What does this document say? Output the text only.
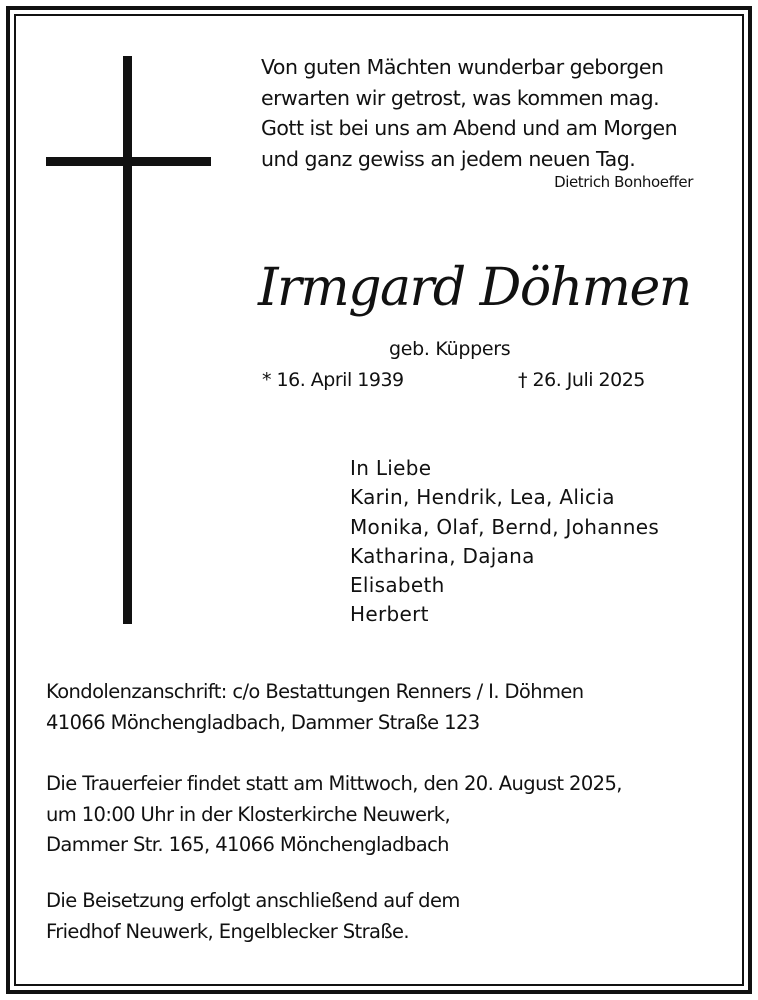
Von guten Mächten wunderbar geborgen
erwarten wir getrost, was kommen mag.
Gott ist bei uns am Abend und am Morgen
und ganz gewiss an jedem neuen Tag.
Dietrich Bonhoeffer
Irmgard Döhmen
geb. Küppers
* 16. April 1939	† 26. Juli 2025
In Liebe
Karin, Hendrik, Lea, Alicia
Monika, Olaf, Bernd, Johannes
Katharina, Dajana
Elisabeth
Herbert
Kondolenzanschrift: c/o Bestattungen Renners / I. Döhmen
41066 Mönchengladbach, Dammer Straße 123
Die Trauerfeier findet statt am Mittwoch, den 20. August 2025,
um 10:00 Uhr in der Klosterkirche Neuwerk,
Dammer Str. 165, 41066 Mönchengladbach
Die Beisetzung erfolgt anschließend auf dem
Friedhof Neuwerk, Engelblecker Straße.
